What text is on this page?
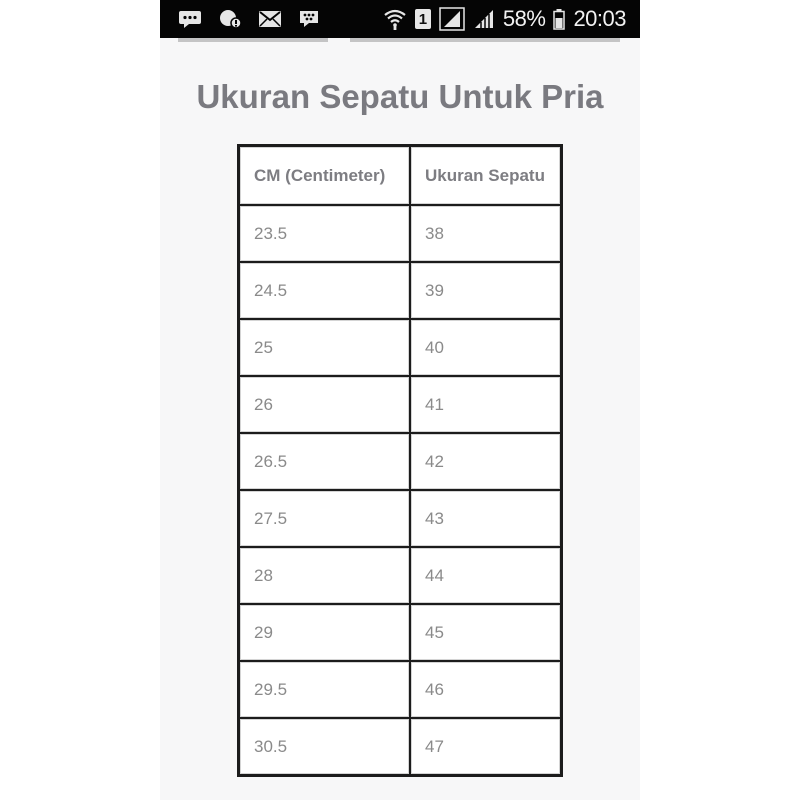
1	58% 20:03
Ukuran Sepatu Untuk Pria
CM (Centimeter)	Ukuran Sepatu
23.5	38
24.5	39
25	40
26	41
26.5	42
27.5	43
28	44
29	45
29.5	46
30.5	47
